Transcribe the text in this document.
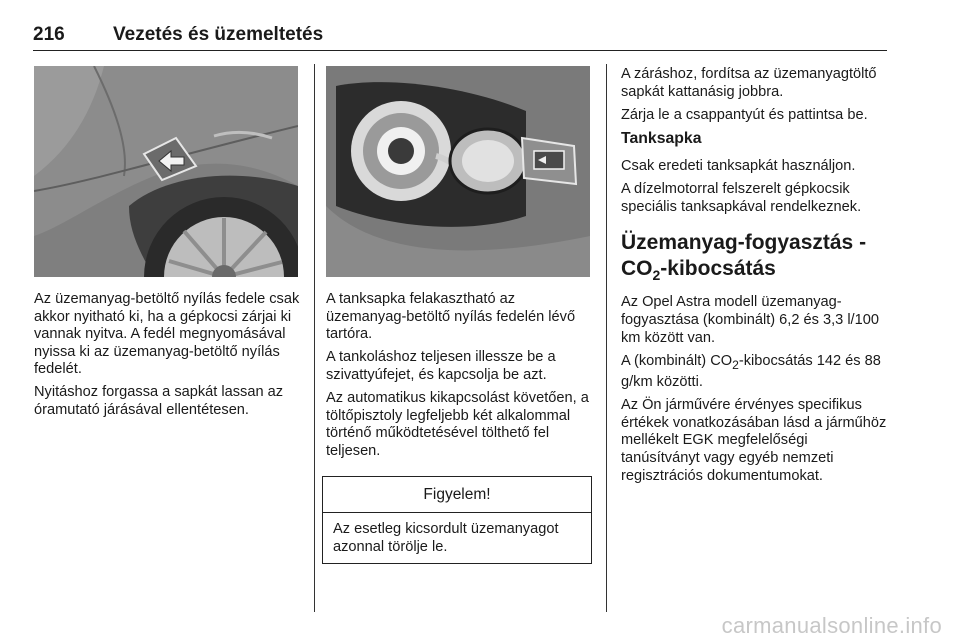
216	Vezetés és üzemeltetés

Az üzemanyag-betöltő nyílás fedele csak akkor nyitható ki, ha a gépkocsi zárjai ki vannak nyitva. A fedél megnyomásával nyissa ki az üzemanyag-betöltő nyílás fedelét.

Nyitáshoz forgassa a sapkát lassan az óramutató járásával ellentétesen.

A tanksapka felakasztható az üzemanyag-betöltő nyílás fedelén lévő tartóra.

A tankoláshoz teljesen illessze be a szivattyúfejet, és kapcsolja be azt.

Az automatikus kikapcsolást követően, a töltőpisztoly legfeljebb két alkalommal történő működtetésével tölthető fel teljesen.

Figyelem!
Az esetleg kicsordult üzemanyagot azonnal törölje le.

A záráshoz, fordítsa az üzemanyagtöltő sapkát kattanásig jobbra.

Zárja le a csappantyút és pattintsa be.

Tanksapka

Csak eredeti tanksapkát használjon.

A dízelmotorral felszerelt gépkocsik speciális tanksapkával rendelkeznek.

Üzemanyag-fogyasztás -
$CO_2$-kibocsátás

Az Opel Astra modell üzemanyag-fogyasztása (kombinált) 6,2 és 3,3 l/100 km között van.

A (kombinált) $CO_2$-kibocsátás 142 és 88 g/km közötti.

Az Ön járművére érvényes specifikus értékek vonatkozásában lásd a járműhöz mellékelt EGK megfelelőségi tanúsítványt vagy egyéb nemzeti regisztrációs dokumentumokat.

carmanualsonline.info
